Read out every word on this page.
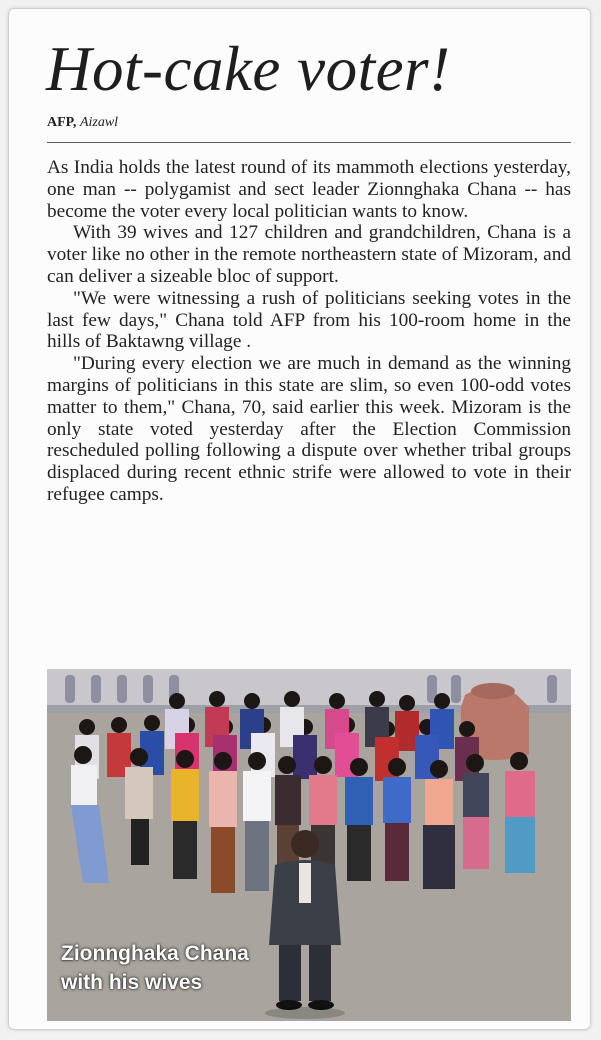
Hot-cake voter!
AFP, Aizawl

As India holds the latest round of its mammoth elections yesterday, one man -- polygamist and sect leader Zionnghaka Chana -- has become the voter every local politician wants to know.

With 39 wives and 127 children and grandchildren, Chana is a voter like no other in the remote northeastern state of Mizoram, and can deliver a sizeable bloc of support.

"We were witnessing a rush of politicians seeking votes in the last few days," Chana told AFP from his 100-room home in the hills of Baktawng village .

"During every election we are much in demand as the winning margins of politicians in this state are slim, so even 100-odd votes matter to them," Chana, 70, said earlier this week. Mizoram is the only state voted yesterday after the Election Commission rescheduled polling following a dispute over whether tribal groups displaced during recent ethnic strife were allowed to vote in their refugee camps.

Zionnghaka Chana
with his wives
